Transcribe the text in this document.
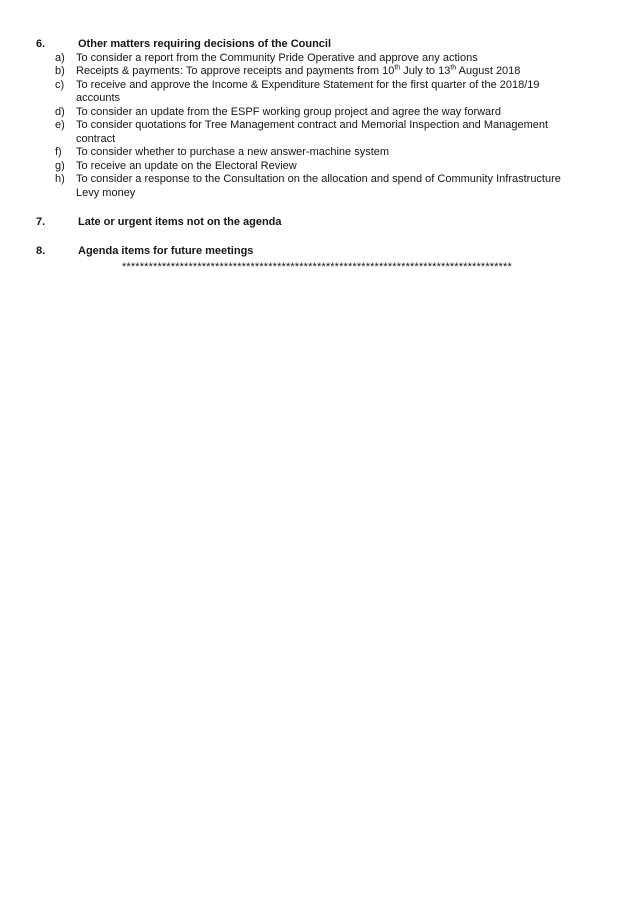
6.	Other matters requiring decisions of the Council
a)	To consider a report from the Community Pride Operative and approve any actions
b)	Receipts & payments: To approve receipts and payments from 10th July to 13th August 2018
c)	To receive and approve the Income & Expenditure Statement for the first quarter of the 2018/19
accounts
d)	To consider an update from the ESPF working group project and agree the way forward
e)	To consider quotations for Tree Management contract and Memorial Inspection and Management
contract
f)	To consider whether to purchase a new answer-machine system
g)	To receive an update on the Electoral Review
h)	To consider a response to the Consultation on the allocation and spend of Community Infrastructure
Levy money
7.	Late or urgent items not on the agenda
8.	Agenda items for future meetings
****************************************************************************************
